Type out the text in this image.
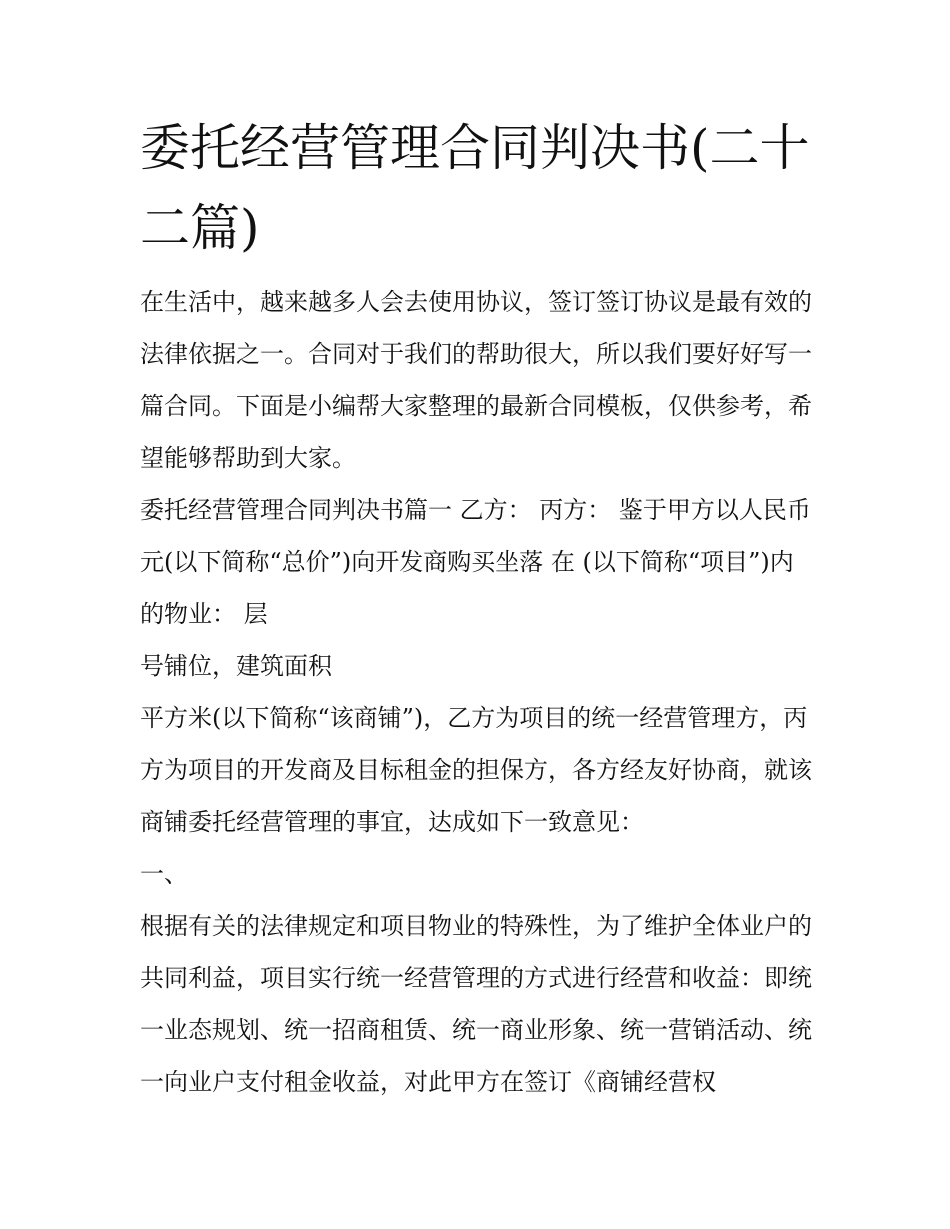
委托经营管理合同判决书(二十二篇)

在生活中，越来越多人会去使用协议，签订签订协议是最有效的法律依据之一。合同对于我们的帮助很大，所以我们要好好写一篇合同。下面是小编帮大家整理的最新合同模板，仅供参考，希望能够帮助到大家。

委托经营管理合同判决书篇一 乙方： 丙方： 鉴于甲方以人民币 元(以下简称“总价”)向开发商购买坐落 在 (以下简称“项目”)内的物业： 层

号铺位，建筑面积

平方米(以下简称“该商铺”)，乙方为项目的统一经营管理方，丙方为项目的开发商及目标租金的担保方，各方经友好协商，就该商铺委托经营管理的事宜，达成如下一致意见：

一、

根据有关的法律规定和项目物业的特殊性，为了维护全体业户的共同利益，项目实行统一经营管理的方式进行经营和收益：即统一业态规划、统一招商租赁、统一商业形象、统一营销活动、统一向业户支付租金收益，对此甲方在签订《商铺经营权
